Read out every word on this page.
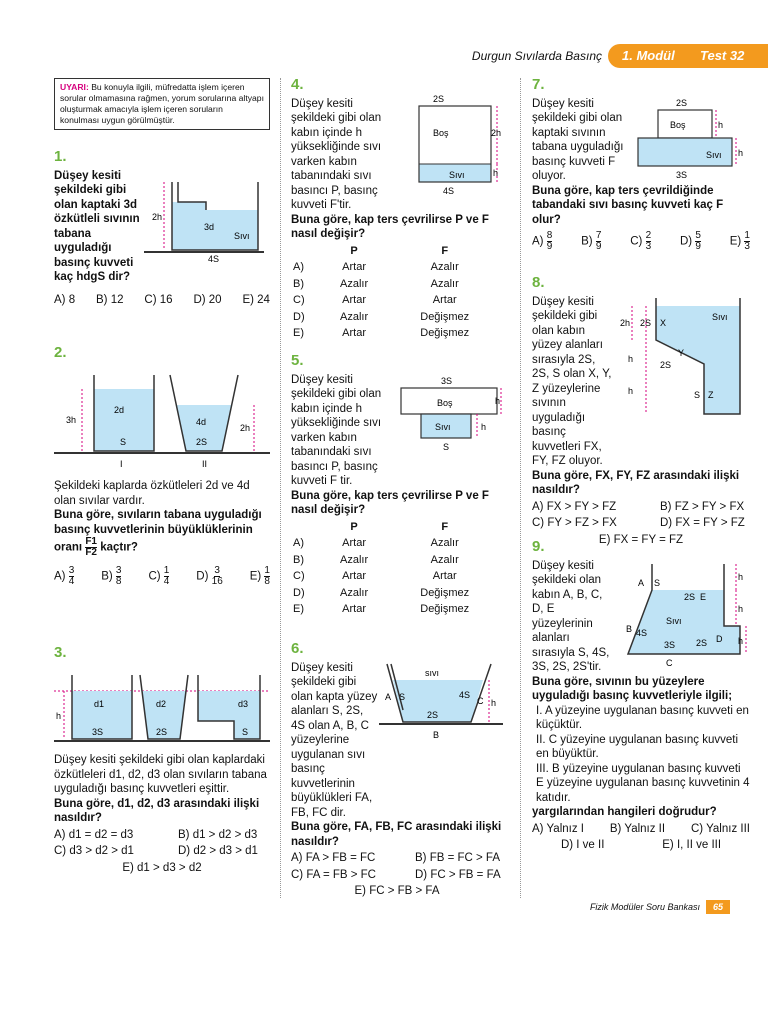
Durgun Sıvılarda Basınç 1. Modül Test 32
UYARI: Bu konuyla ilgili, müfredatta işlem içeren sorular olmamasına rağmen, yorum sorularına altyapı oluşturmak amacıyla işlem içeren soruların konulması uygun görülmüştür.
1.
Düşey kesiti şekildeki gibi olan kaptaki 3d özkütleli sıvının tabana uyguladığı basınç kuvveti kaç hdgS dir?
2h
3d
Sıvı
4S
A) 8 B) 12 C) 16 D) 20 E) 24
2.
3h
2d
S
I
2h
4d
2S
II
Şekildeki kaplarda özkütleleri 2d ve 4d olan sıvılar vardır.
Buna göre, sıvıların tabana uyguladığı basınç kuvvetlerinin büyüklüklerinin oranı $\frac{F1}{F2}$ kaçtır?
$A) \frac{3}{4} B) \frac{3}{8} C) \frac{1}{4} D) \frac{3}{16} E) \frac{1}{8}$
3.
h
d1
3S
d2
2S
d3
S
Düşey kesiti şekildeki gibi olan kaplardaki özkütleleri d1, d2, d3 olan sıvıların tabana uyguladığı basınç kuvvetleri eşittir.
Buna göre, d1, d2, d3 arasındaki ilişki nasıldır?
A) d1 = d2 = d3	B) d1 > d2 > d3
C) d3 > d2 > d1	D) d2 > d3 > d1
E) d1 > d3 > d2
4.
Düşey kesiti şekildeki gibi olan kabın içinde h yüksekliğinde sıvı varken kabın tabanındaki sıvı basıncı P, basınç kuvveti F'tir.
2S
Boş
Sıvı
2h
h
4S
Buna göre, kap ters çevrilirse P ve F nasıl değişir?
	P	F
A)	Artar	Azalır
B)	Azalır	Azalır
C)	Artar	Artar
D)	Azalır	Değişmez
E)	Artar	Değişmez
5.
Düşey kesiti şekildeki gibi olan kabın içinde h yüksekliğinde sıvı varken kabın tabanındaki sıvı basıncı P, basınç kuvveti F tir.
3S
Boş
Sıvı
h
h
S
Buna göre, kap ters çevrilirse P ve F nasıl değişir?
	P	F
A)	Artar	Azalır
B)	Azalır	Azalır
C)	Artar	Artar
D)	Azalır	Değişmez
E)	Artar	Değişmez
6.
Düşey kesiti şekildeki gibi olan kapta yüzey alanları S, 2S, 4S olan A, B, C yüzeylerine uygulanan sıvı basınç kuvvetlerinin büyüklükleri FA, FB, FC dir.
sıvı
A S	4S
C h
2S
B
Buna göre, FA, FB, FC arasındaki ilişki nasıldır?
A) FA > FB = FC	B) FB = FC > FA
C) FA = FB > FC	D) FC > FB = FA
E) FC > FB > FA
7.
Düşey kesiti şekildeki gibi olan kaptaki sıvının tabana uyguladığı basınç kuvveti F oluyor.
2S
Boş
Sıvı
h
h
3S
Buna göre, kap ters çevrildiğinde tabandaki sıvı basınç kuvveti kaç F olur?
$A) \frac{8}{9}$	$B) \frac{7}{9}$	$C) \frac{2}{3}$	$D) \frac{5}{9}$	$E) \frac{1}{3}$
8.
Düşey kesiti şekildeki gibi olan kabın yüzey alanları sırasıyla 2S, 2S, S olan X, Y, Z yüzeylerine sıvının uyguladığı basınç kuvvetleri FX, FY, FZ oluyor.
2h 2S X
Sıvı
Y
h
2S
h	S Z
Buna göre, FX, FY, FZ arasındaki ilişki nasıldır?
A) FX > FY > FZ	B) FZ > FY > FX
C) FY > FZ > FX	D) FX = FY > FZ
E) FX = FY = FZ
9.
Düşey kesiti şekildeki olan kabın A, B, C, D, E yüzeylerinin alanları sırasıyla S, 4S, 3S, 2S, 2S'tir.
A S
h
h
h
2S E
Sıvı
B 4S
3S 2S D
C
Buna göre, sıvının bu yüzeylere uyguladığı basınç kuvvetleriyle ilgili;
I. A yüzeyine uygulanan basınç kuvveti en küçüktür.
II. C yüzeyine uygulanan basınç kuvveti en büyüktür.
III. B yüzeyine uygulanan basınç kuvveti E yüzeyine uygulanan basınç kuvvetinin 4 katıdır.
yargılarından hangileri doğrudur?
A) Yalnız I B) Yalnız II C) Yalnız III
D) I ve II	E) I, II ve III
Fizik Modüler Soru Bankası 65
